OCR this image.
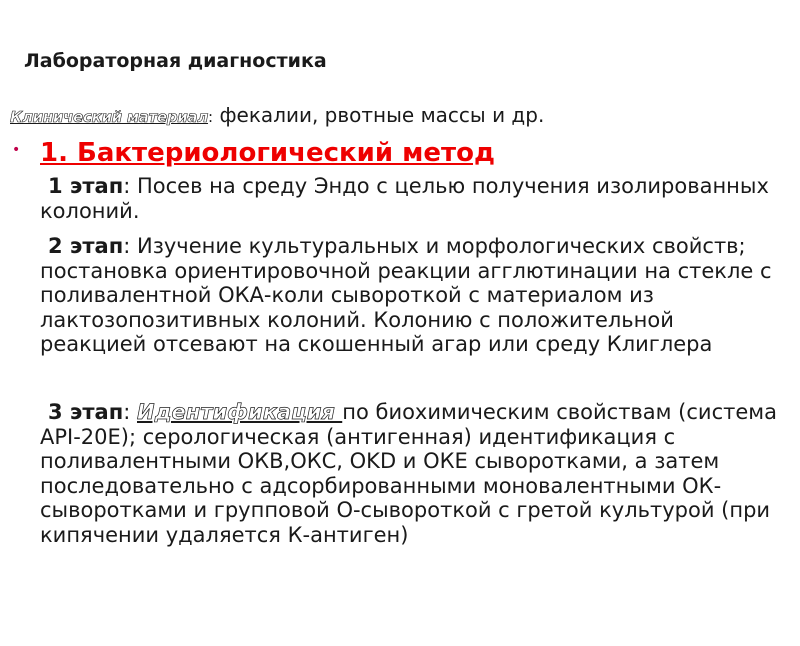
Лабораторная диагностика
Клинический материал: фекалии, рвотные массы и др.
• 1. Бактериологический метод
1 этап: Посев на среду Эндо с целью получения изолированных колоний.
2 этап: Изучение культуральных и морфологических свойств; постановка ориентировочной реакции агглютинации на стекле с поливалентной ОКА-коли сывороткой с материалом из лактозопозитивных колоний. Колонию с положительной реакцией отсевают на скошенный агар или среду Клиглера
3 этап: Идентификация по биохимическим свойствам (система API-20E); серологическая (антигенная) идентификация с поливалентными ОКВ,ОКС, OKD и ОКЕ сыворотками, а затем последовательно с адсорбированными моновалентными ОК-сыворотками и групповой О-сывороткой с гретой культурой (при кипячении удаляется К-антиген)
